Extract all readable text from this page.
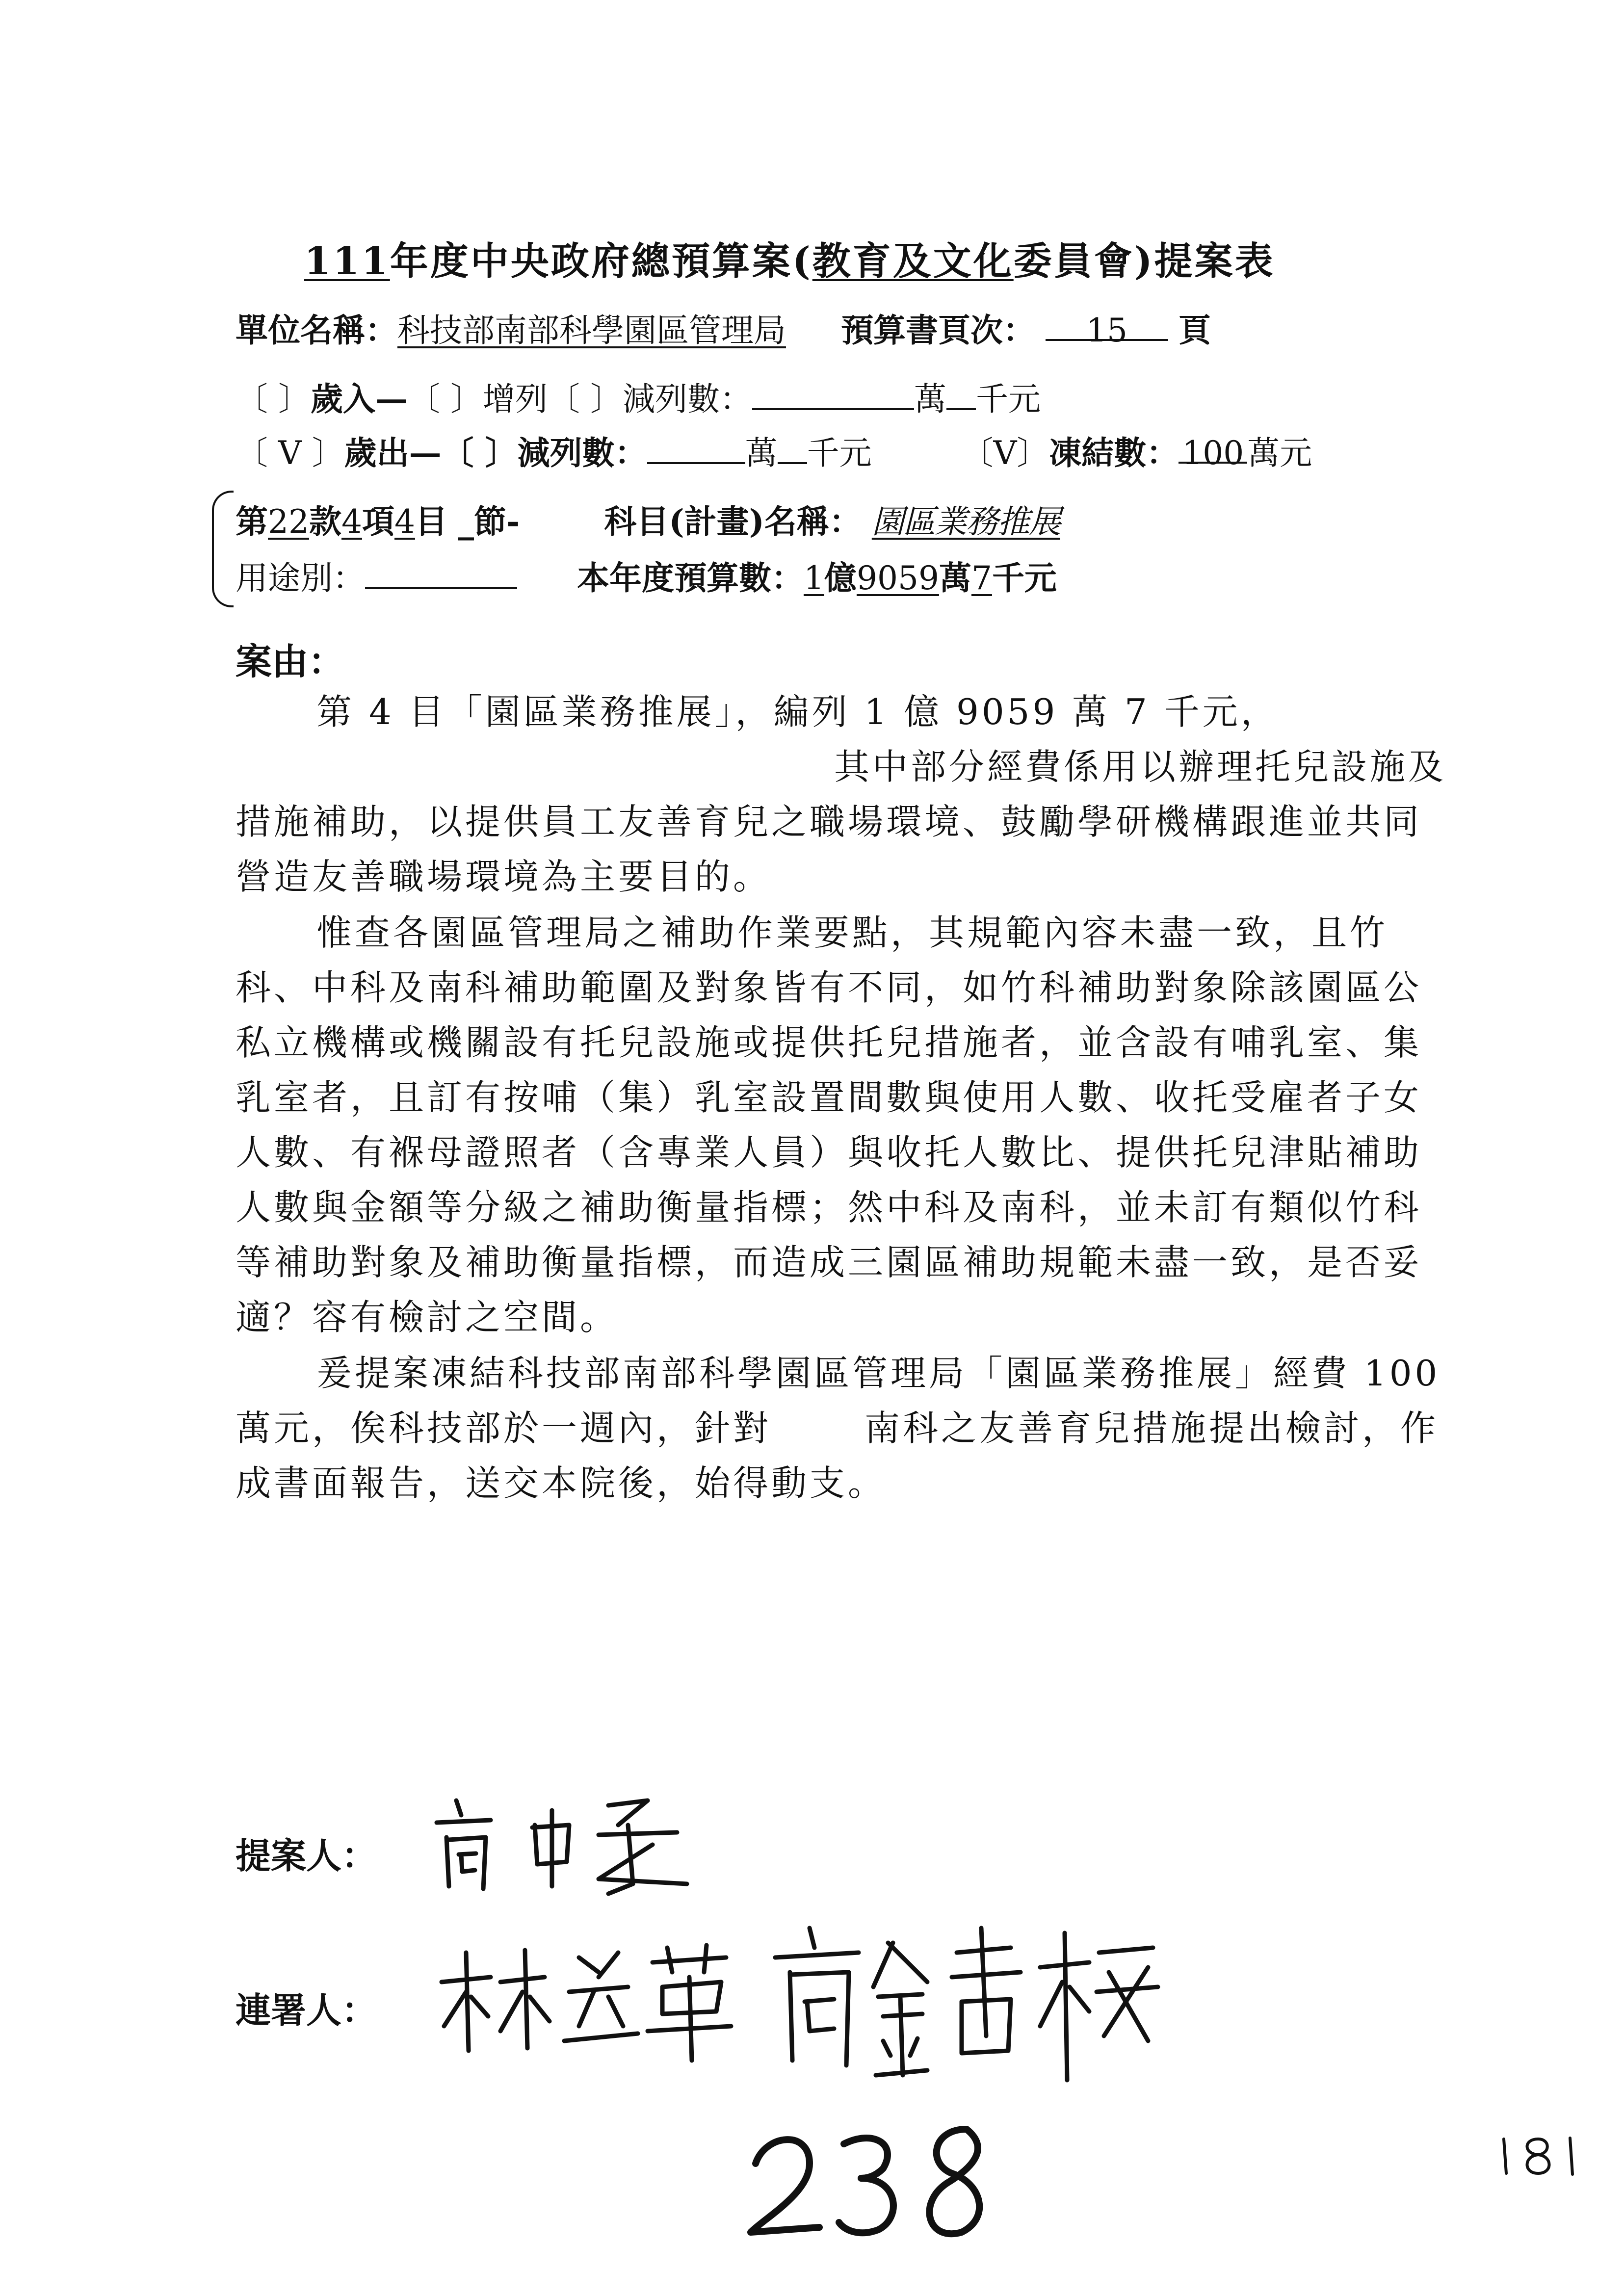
111年度中央政府總預算案(教育及文化委員會)提案表
單位名稱：科技部南部科學園區管理局 預算書頁次： 15 頁
〔 〕歲入—〔 〕增列〔 〕減列數：	萬 千元
〔 V 〕歲出—〔 〕減列數：	萬 千元	〔V〕凍結數： 100 萬元
第22款4項4目 _節-	科目(計畫)名稱： 園區業務推展
用途別：	本年度預算數：1億9059萬7千元
案由：

第 4 目「園區業務推展」，編列 1 億 9059 萬 7 千元，
其中部分經費係用以辦理托兒設施及措施補助，以提供員工友善育兒之職場環境、鼓勵學研機構跟進並共同營造友善職場環境為主要目的。

惟查各園區管理局之補助作業要點，其規範內容未盡一致，且竹科、中科及南科補助範圍及對象皆有不同，如竹科補助對象除該園區公私立機構或機關設有托兒設施或提供托兒措施者，並含設有哺乳室、集乳室者，且訂有按哺（集）乳室設置間數與使用人數、收托受雇者子女人數、有褓母證照者（含專業人員）與收托人數比、提供托兒津貼補助人數與金額等分級之補助衡量指標；然中科及南科，並未訂有類似竹科等補助對象及補助衡量指標，而造成三園區補助規範未盡一致，是否妥適？容有檢討之空間。

爰提案凍結科技部南部科學園區管理局「園區業務推展」經費 100 萬元，俟科技部於一週內，針對	南科之友善育兒措施提出檢討，作成書面報告，送交本院後，始得動支。

提案人：
連署人：
